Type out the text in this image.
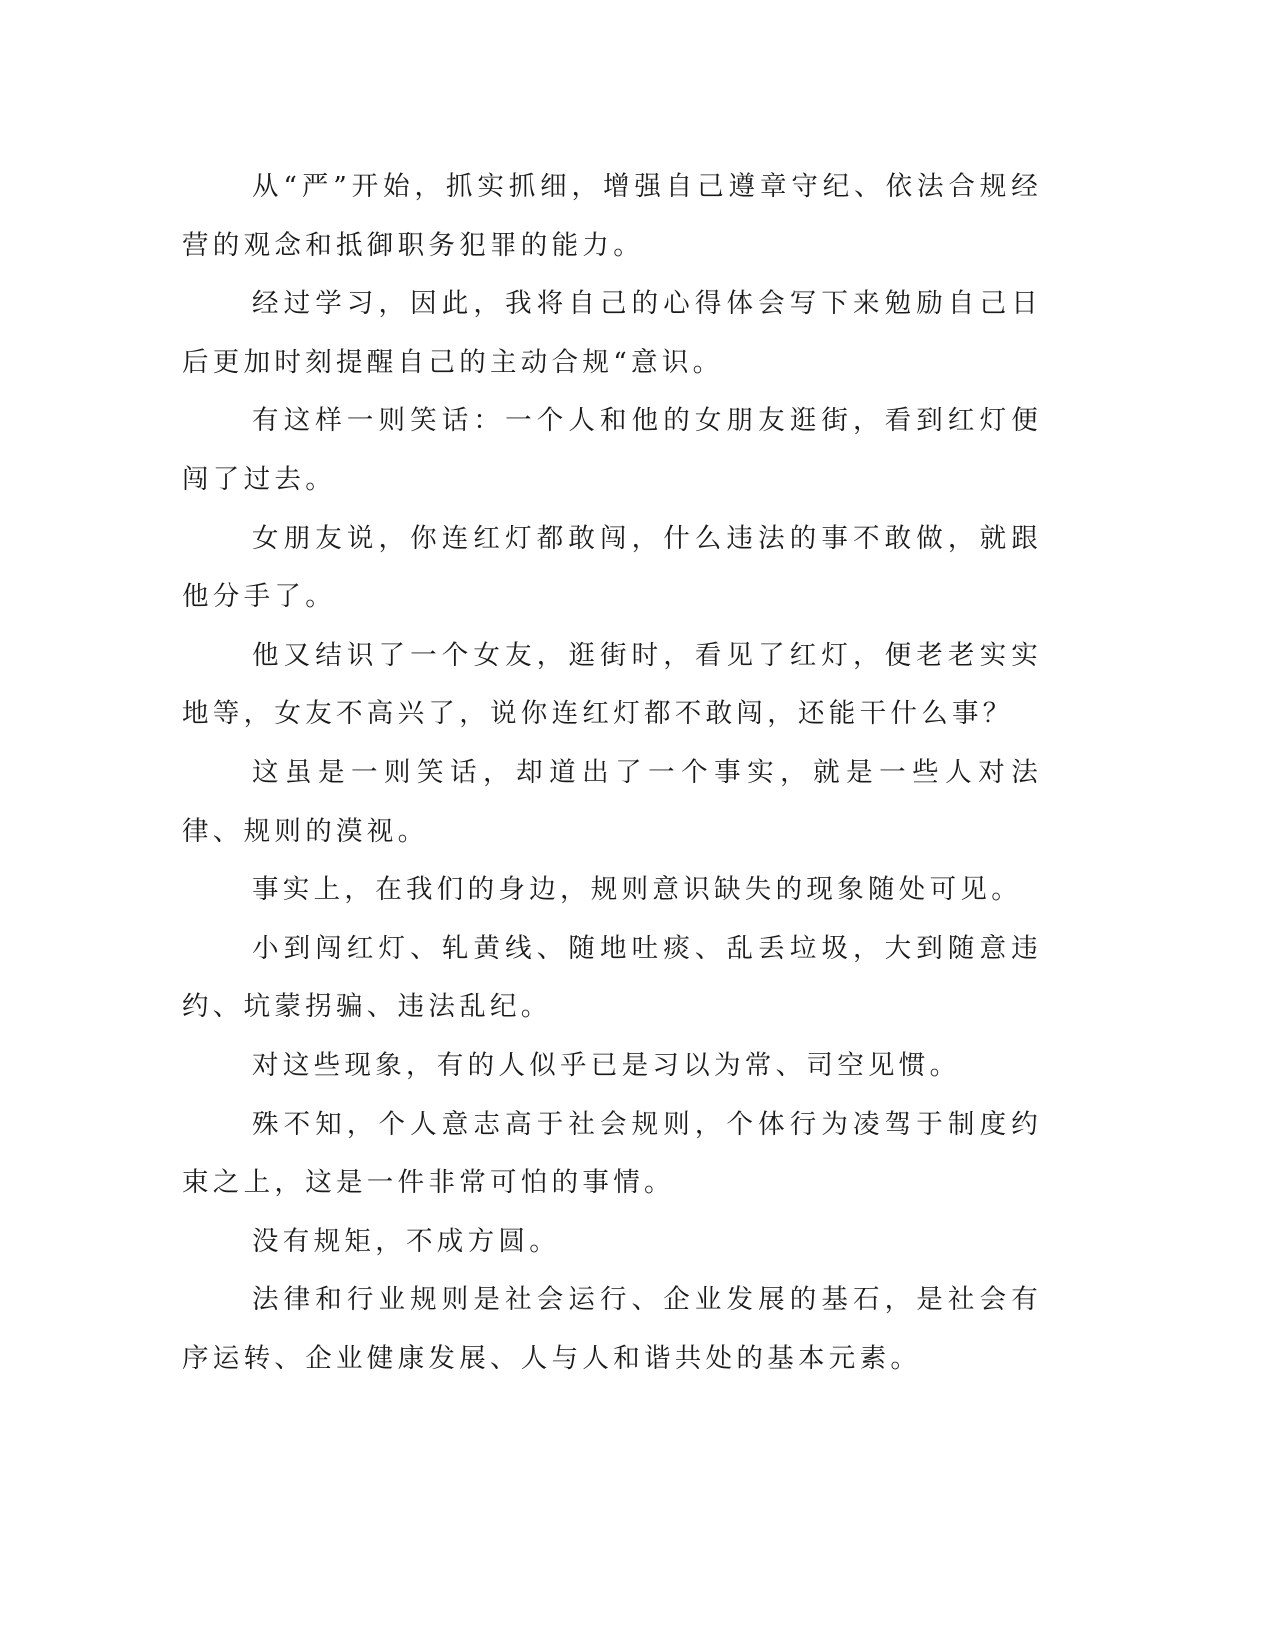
从“严”开始，抓实抓细，增强自己遵章守纪、依法合规经营的观念和抵御职务犯罪的能力。

经过学习，因此，我将自己的心得体会写下来勉励自己日后更加时刻提醒自己的主动合规“意识。

有这样一则笑话：一个人和他的女朋友逛街，看到红灯便闯了过去。

女朋友说，你连红灯都敢闯，什么违法的事不敢做，就跟他分手了。

他又结识了一个女友，逛街时，看见了红灯，便老老实实地等，女友不高兴了，说你连红灯都不敢闯，还能干什么事？

这虽是一则笑话，却道出了一个事实，就是一些人对法律、规则的漠视。

事实上，在我们的身边，规则意识缺失的现象随处可见。

小到闯红灯、轧黄线、随地吐痰、乱丢垃圾，大到随意违约、坑蒙拐骗、违法乱纪。

对这些现象，有的人似乎已是习以为常、司空见惯。

殊不知，个人意志高于社会规则，个体行为凌驾于制度约束之上，这是一件非常可怕的事情。

没有规矩，不成方圆。

法律和行业规则是社会运行、企业发展的基石，是社会有序运转、企业健康发展、人与人和谐共处的基本元素。
